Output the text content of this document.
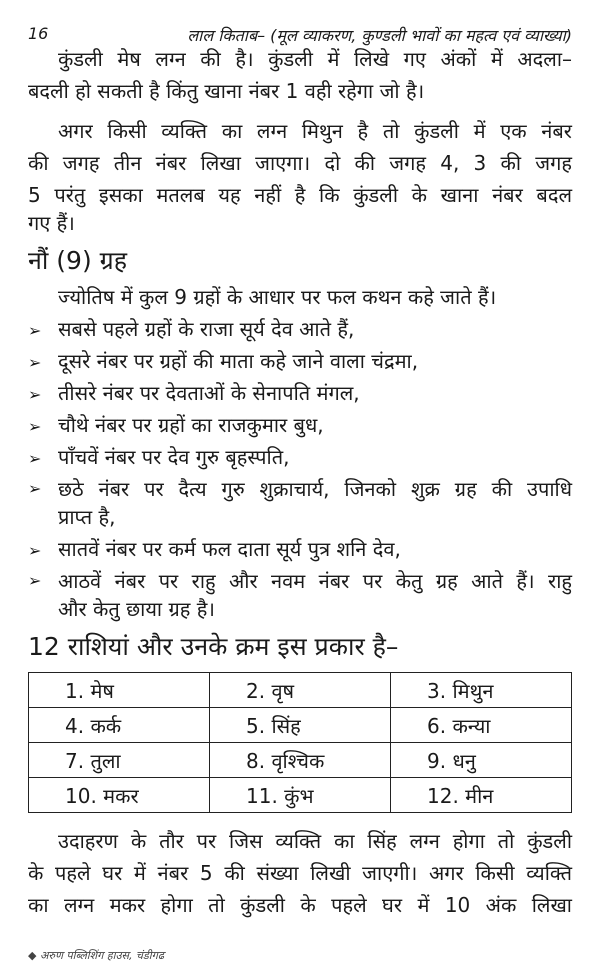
16	लाल किताब– (मूल व्याकरण, कुण्डली भावों का महत्व एवं व्याख्या)
कुंडली मेष लग्न की है। कुंडली में लिखे गए अंकों में अदला–
बदली हो सकती है किंतु खाना नंबर 1 वही रहेगा जो है।
अगर किसी व्यक्ति का लग्न मिथुन है तो कुंडली में एक नंबर
की जगह तीन नंबर लिखा जाएगा। दो की जगह 4, 3 की जगह
5 परंतु इसका मतलब यह नहीं है कि कुंडली के खाना नंबर बदल
गए हैं।
नौं (9) ग्रह
ज्योतिष में कुल 9 ग्रहों के आधार पर फल कथन कहे जाते हैं।
➢ सबसे पहले ग्रहों के राजा सूर्य देव आते हैं,
➢ दूसरे नंबर पर ग्रहों की माता कहे जाने वाला चंद्रमा,
➢ तीसरे नंबर पर देवताओं के सेनापति मंगल,
➢ चौथे नंबर पर ग्रहों का राजकुमार बुध,
➢ पाँचवें नंबर पर देव गुरु बृहस्पति,
➢ छठे नंबर पर दैत्य गुरु शुक्राचार्य, जिनको शुक्र ग्रह की उपाधि
प्राप्त है,
➢ सातवें नंबर पर कर्म फल दाता सूर्य पुत्र शनि देव,
➢ आठवें नंबर पर राहु और नवम नंबर पर केतु ग्रह आते हैं। राहु
और केतु छाया ग्रह है।
12 राशियां और उनके क्रम इस प्रकार है–
1. मेष	2. वृष	3. मिथुन
4. कर्क	5. सिंह	6. कन्या
7. तुला	8. वृश्चिक	9. धनु
10. मकर	11. कुंभ	12. मीन
उदाहरण के तौर पर जिस व्यक्ति का सिंह लग्न होगा तो कुंडली
के पहले घर में नंबर 5 की संख्या लिखी जाएगी। अगर किसी व्यक्ति
का लग्न मकर होगा तो कुंडली के पहले घर में 10 अंक लिखा
◆ अरुण पब्लिशिंग हाउस, चंडीगढ
